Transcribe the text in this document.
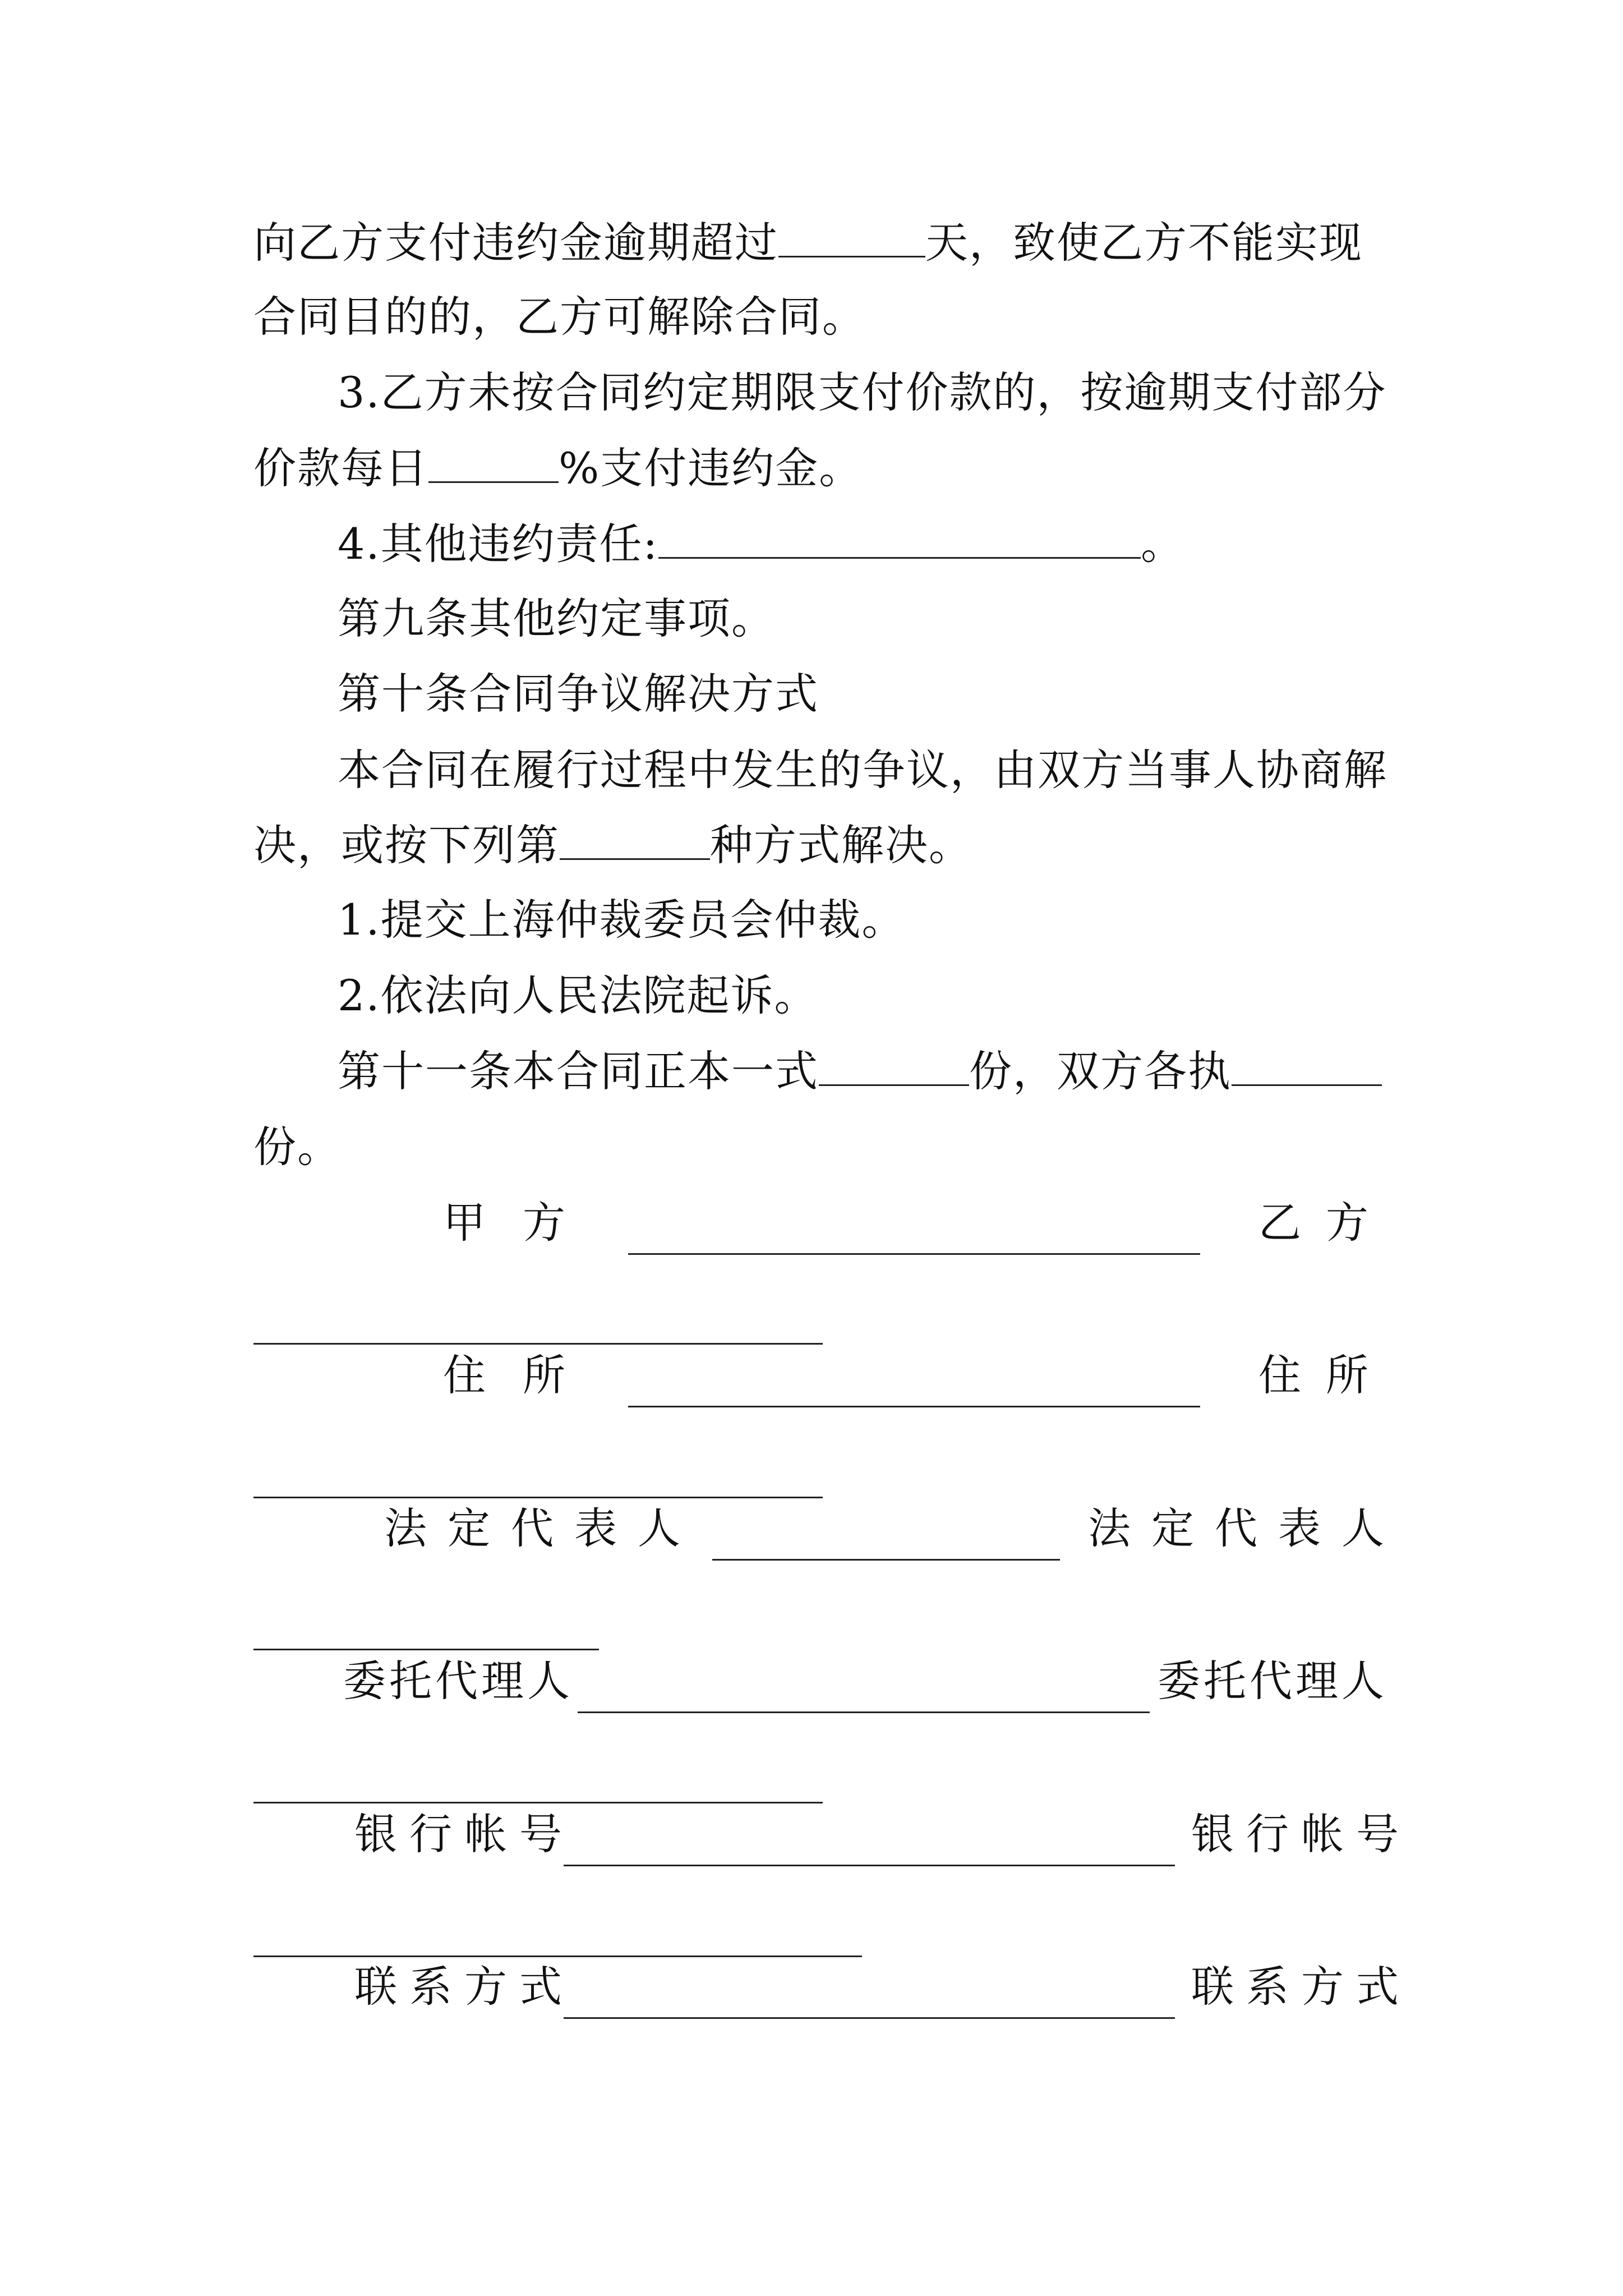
向乙方支付违约金逾期超过	天，致使乙方不能实现
合同目的的，乙方可解除合同。
3.乙方未按合同约定期限支付价款的，按逾期支付部分
价款每日	%支付违约金。
4.其他违约责任:	。
第九条其他约定事项。
第十条合同争议解决方式
本合同在履行过程中发生的争议，由双方当事人协商解
决，或按下列第	种方式解决。
1.提交上海仲裁委员会仲裁。
2.依法向人民法院起诉。
第十一条本合同正本一式	份，双方各执
份。
甲方	乙方
住所	住所
法定代表人	法定代表人
委托代理人	委托代理人
银行帐号	银行帐号
联系方式	联系方式
